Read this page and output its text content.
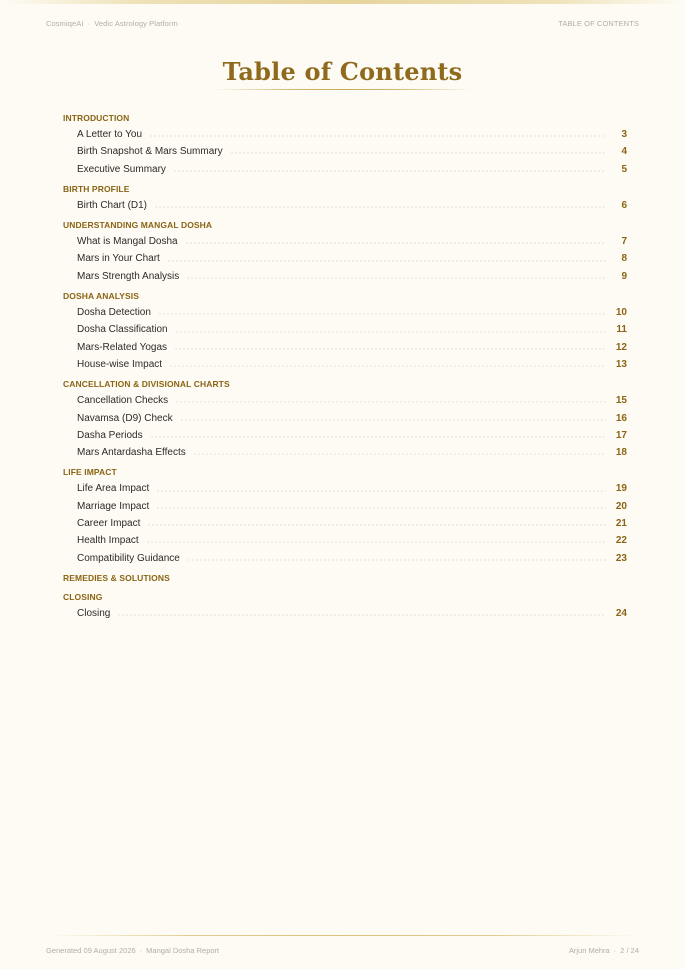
CosmiqeAI · Vedic Astrology Platform	TABLE OF CONTENTS
Table of Contents
INTRODUCTION
A Letter to You	3
Birth Snapshot & Mars Summary	4
Executive Summary	5
BIRTH PROFILE
Birth Chart (D1)	6
UNDERSTANDING MANGAL DOSHA
What is Mangal Dosha	7
Mars in Your Chart	8
Mars Strength Analysis	9
DOSHA ANALYSIS
Dosha Detection	10
Dosha Classification	11
Mars-Related Yogas	12
House-wise Impact	13
CANCELLATION & DIVISIONAL CHARTS
Cancellation Checks	15
Navamsa (D9) Check	16
Dasha Periods	17
Mars Antardasha Effects	18
LIFE IMPACT
Life Area Impact	19
Marriage Impact	20
Career Impact	21
Health Impact	22
Compatibility Guidance	23
REMEDIES & SOLUTIONS
CLOSING
Closing	24
Generated 09 August 2026 · Mangal Dosha Report	Arjun Mehra · 2 / 24
